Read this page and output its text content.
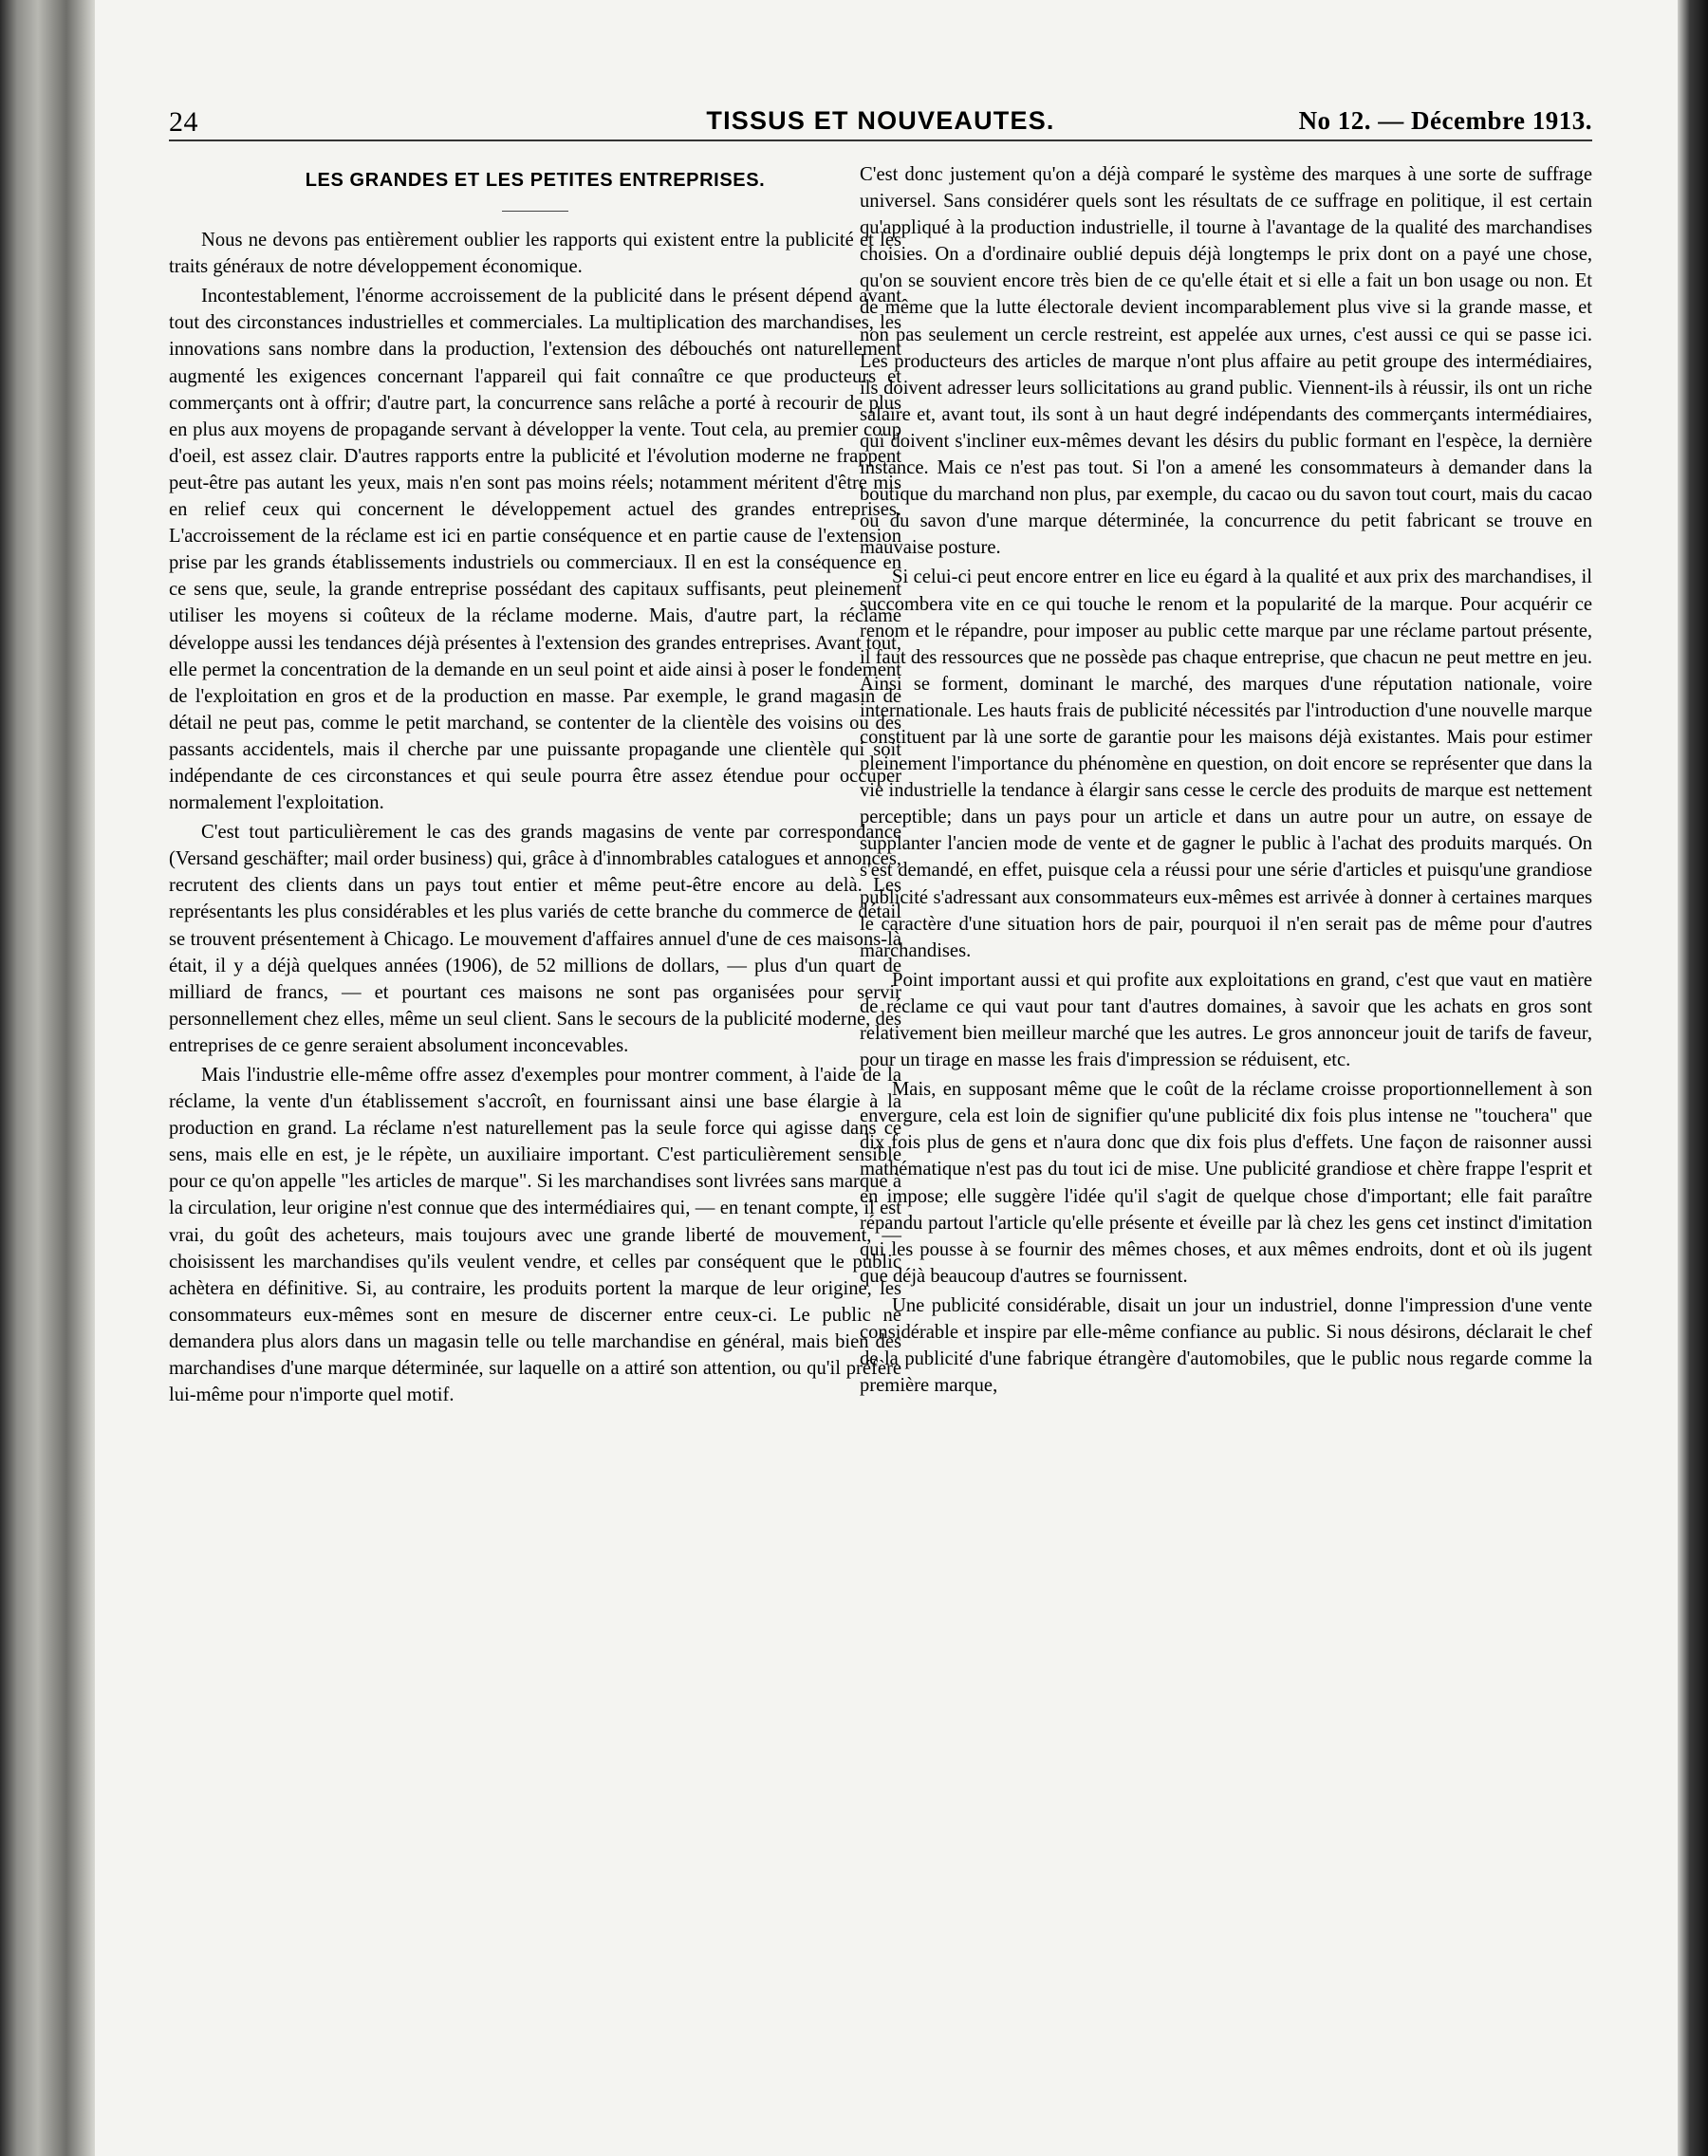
24	TISSUS ET NOUVEAUTES.	No 12. — Décembre 1913.
LES GRANDES ET LES PETITES ENTREPRISES.

Nous ne devons pas entièrement oublier les rapports qui existent entre la publicité et les traits généraux de notre développement économique.

Incontestablement, l'énorme accroissement de la publicité dans le présent dépend avant tout des circonstances industrielles et commerciales. La multiplication des marchandises, les innovations sans nombre dans la production, l'extension des débouchés ont naturellement augmenté les exigences concernant l'appareil qui fait connaître ce que producteurs et commerçants ont à offrir; d'autre part, la concurrence sans relâche a porté à recourir de plus en plus aux moyens de propagande servant à développer la vente. Tout cela, au premier coup d'oeil, est assez clair. D'autres rapports entre la publicité et l'évolution moderne ne frappent peut-être pas autant les yeux, mais n'en sont pas moins réels; notamment méritent d'être mis en relief ceux qui concernent le développement actuel des grandes entreprises. L'accroissement de la réclame est ici en partie conséquence et en partie cause de l'extension prise par les grands établissements industriels ou commerciaux. Il en est la conséquence en ce sens que, seule, la grande entreprise possédant des capitaux suffisants, peut pleinement utiliser les moyens si coûteux de la réclame moderne. Mais, d'autre part, la réclame développe aussi les tendances déjà présentes à l'extension des grandes entreprises. Avant tout, elle permet la concentration de la demande en un seul point et aide ainsi à poser le fondement de l'exploitation en gros et de la production en masse. Par exemple, le grand magasin de détail ne peut pas, comme le petit marchand, se contenter de la clientèle des voisins ou des passants accidentels, mais il cherche par une puissante propagande une clientèle qui soit indépendante de ces circonstances et qui seule pourra être assez étendue pour occuper normalement l'exploitation.

C'est tout particulièrement le cas des grands magasins de vente par correspondance (Versand geschäfter; mail order business) qui, grâce à d'innombrables catalogues et annonces, recrutent des clients dans un pays tout entier et même peut-être encore au delà. Les représentants les plus considérables et les plus variés de cette branche du commerce de détail se trouvent présentement à Chicago. Le mouvement d'affaires annuel d'une de ces maisons-là était, il y a déjà quelques années (1906), de 52 millions de dollars, — plus d'un quart de milliard de francs, — et pourtant ces maisons ne sont pas organisées pour servir personnellement chez elles, même un seul client. Sans le secours de la publicité moderne, des entreprises de ce genre seraient absolument inconcevables.

Mais l'industrie elle-même offre assez d'exemples pour montrer comment, à l'aide de la réclame, la vente d'un établissement s'accroît, en fournissant ainsi une base élargie à la production en grand. La réclame n'est naturellement pas la seule force qui agisse dans ce sens, mais elle en est, je le répète, un auxiliaire important. C'est particulièrement sensible pour ce qu'on appelle "les articles de marque". Si les marchandises sont livrées sans marque à la circulation, leur origine n'est connue que des intermédiaires qui, — en tenant compte, il est vrai, du goût des acheteurs, mais toujours avec une grande liberté de mouvement, — choisissent les marchandises qu'ils veulent vendre, et celles par conséquent que le public achètera en définitive. Si, au contraire, les produits portent la marque de leur origine, les consommateurs eux-mêmes sont en mesure de discerner entre ceux-ci. Le public ne demandera plus alors dans un magasin telle ou telle marchandise en général, mais bien des marchandises d'une marque déterminée, sur laquelle on a attiré son attention, ou qu'il préfère lui-même pour n'importe quel motif.

C'est donc justement qu'on a déjà comparé le système des marques à une sorte de suffrage universel. Sans considérer quels sont les résultats de ce suffrage en politique, il est certain qu'appliqué à la production industrielle, il tourne à l'avantage de la qualité des marchandises choisies. On a d'ordinaire oublié depuis déjà longtemps le prix dont on a payé une chose, qu'on se souvient encore très bien de ce qu'elle était et si elle a fait un bon usage ou non. Et de même que la lutte électorale devient incomparablement plus vive si la grande masse, et non pas seulement un cercle restreint, est appelée aux urnes, c'est aussi ce qui se passe ici. Les producteurs des articles de marque n'ont plus affaire au petit groupe des intermédiaires, ils doivent adresser leurs sollicitations au grand public. Viennent-ils à réussir, ils ont un riche salaire et, avant tout, ils sont à un haut degré indépendants des commerçants intermédiaires, qui doivent s'incliner eux-mêmes devant les désirs du public formant en l'espèce, la dernière instance. Mais ce n'est pas tout. Si l'on a amené les consommateurs à demander dans la boutique du marchand non plus, par exemple, du cacao ou du savon tout court, mais du cacao ou du savon d'une marque déterminée, la concurrence du petit fabricant se trouve en mauvaise posture.

Si celui-ci peut encore entrer en lice eu égard à la qualité et aux prix des marchandises, il succombera vite en ce qui touche le renom et la popularité de la marque. Pour acquérir ce renom et le répandre, pour imposer au public cette marque par une réclame partout présente, il faut des ressources que ne possède pas chaque entreprise, que chacun ne peut mettre en jeu. Ainsi se forment, dominant le marché, des marques d'une réputation nationale, voire internationale. Les hauts frais de publicité nécessités par l'introduction d'une nouvelle marque constituent par là une sorte de garantie pour les maisons déjà existantes. Mais pour estimer pleinement l'importance du phénomène en question, on doit encore se représenter que dans la vie industrielle la tendance à élargir sans cesse le cercle des produits de marque est nettement perceptible; dans un pays pour un article et dans un autre pour un autre, on essaye de supplanter l'ancien mode de vente et de gagner le public à l'achat des produits marqués. On s'est demandé, en effet, puisque cela a réussi pour une série d'articles et puisqu'une grandiose publicité s'adressant aux consommateurs eux-mêmes est arrivée à donner à certaines marques le caractère d'une situation hors de pair, pourquoi il n'en serait pas de même pour d'autres marchandises.

Point important aussi et qui profite aux exploitations en grand, c'est que vaut en matière de réclame ce qui vaut pour tant d'autres domaines, à savoir que les achats en gros sont relativement bien meilleur marché que les autres. Le gros annonceur jouit de tarifs de faveur, pour un tirage en masse les frais d'impression se réduisent, etc.

Mais, en supposant même que le coût de la réclame croisse proportionnellement à son envergure, cela est loin de signifier qu'une publicité dix fois plus intense ne "touchera" que dix fois plus de gens et n'aura donc que dix fois plus d'effets. Une façon de raisonner aussi mathématique n'est pas du tout ici de mise. Une publicité grandiose et chère frappe l'esprit et en impose; elle suggère l'idée qu'il s'agit de quelque chose d'important; elle fait paraître répandu partout l'article qu'elle présente et éveille par là chez les gens cet instinct d'imitation qui les pousse à se fournir des mêmes choses, et aux mêmes endroits, dont et où ils jugent que déjà beaucoup d'autres se fournissent.

Une publicité considérable, disait un jour un industriel, donne l'impression d'une vente considérable et inspire par elle-même confiance au public. Si nous désirons, déclarait le chef de la publicité d'une fabrique étrangère d'automobiles, que le public nous regarde comme la première marque,
